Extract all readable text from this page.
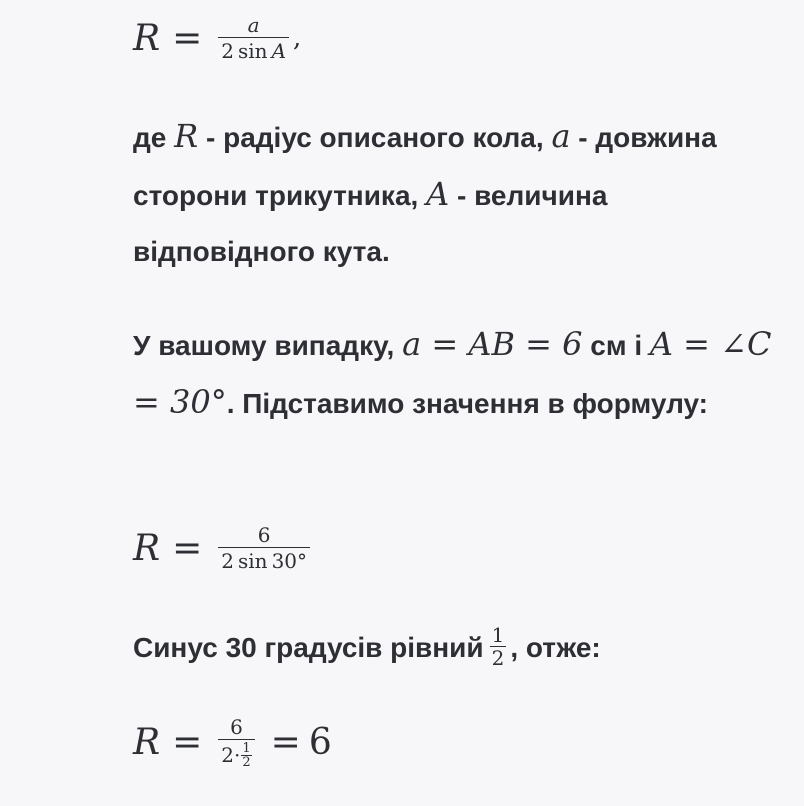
$R = \frac{a}{\text{2 sin A}}$ ,
де R - радіус описаного кола, a - довжина сторони трикутника, A - величина відповідного кута.
У вашому випадку, a = AB = 6 см і A = ∠C = 30°. Підставимо значення в формулу:
$R = \frac{6}{2 \sin 30^\circ}$
Синус 30 градусів рівний $\frac{1}{2}$ , отже:
$R = \frac{6}{2\cdot \frac{1}{2}} = 6$
